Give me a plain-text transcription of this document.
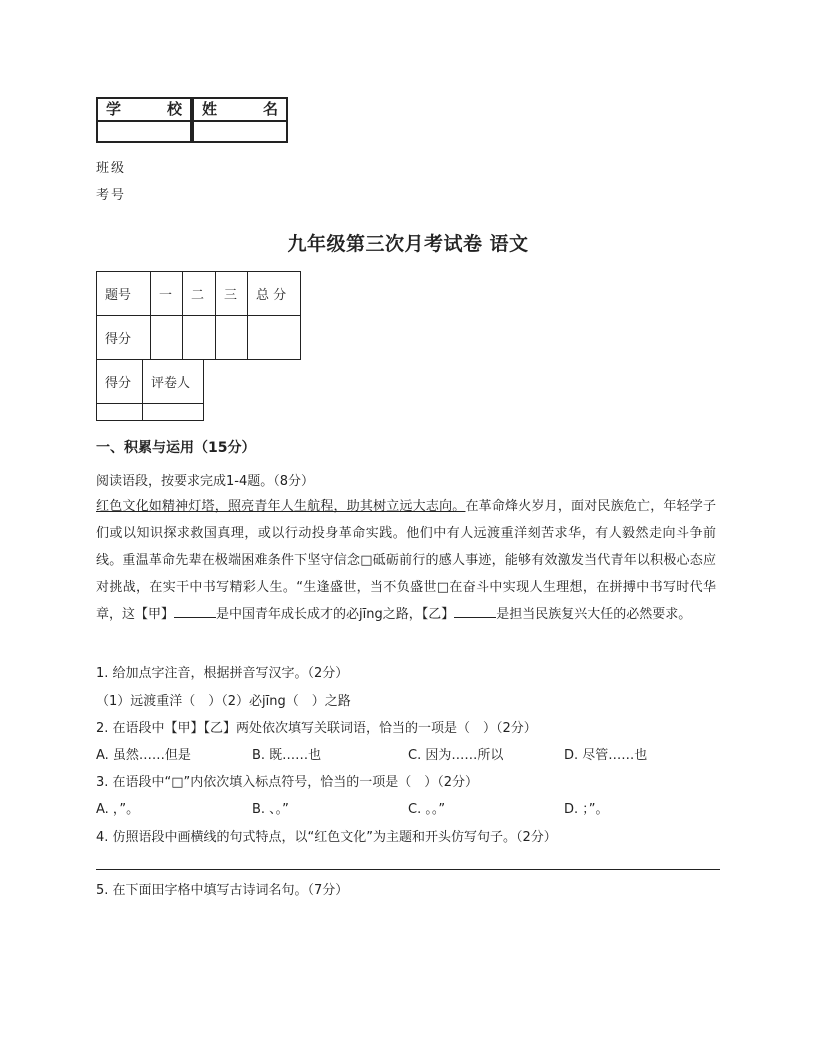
学	校 姓	名
班级
考号
九年级第三次月考试卷 语文
题号	一	二	三	总 分
得分				
得分	评卷人

一、积累与运用（15分）
阅读语段，按要求完成1-4题。（8分）
红色文化如精神灯塔，照亮青年人生航程，助其树立远大志向。在革命烽火岁月，面对民族危亡，年轻学子们或以知识探求救国真理，或以行动投身革命实践。他们中有人远渡重洋刻苦求华，有人毅然走向斗争前线。重温革命先辈在极端困难条件下坚守信念□砥砺前行的感人事迹，能够有效激发当代青年以积极心态应对挑战，在实干中书写精彩人生。“生逢盛世，当不负盛世□在奋斗中实现人生理想，在拼搏中书写时代华章，这【甲】	是中国青年成长成才的必jīng之路，【乙】	是担当民族复兴大任的必然要求。
1. 给加点字注音，根据拼音写汉字。（2分）
（1）远渡重洋（　）（2）必jīng（　）之路
2. 在语段中【甲】【乙】两处依次填写关联词语，恰当的一项是（　）（2分）
A. 虽然……但是	B. 既……也	C. 因为……所以	D. 尽管……也
3. 在语段中“□”内依次填入标点符号，恰当的一项是（　）（2分）
A. ，”。	B. 、。”	C. 。。”	D. ；”。
4. 仿照语段中画横线的句式特点，以“红色文化”为主题和开头仿写句子。（2分）
5. 在下面田字格中填写古诗词名句。（7分）
